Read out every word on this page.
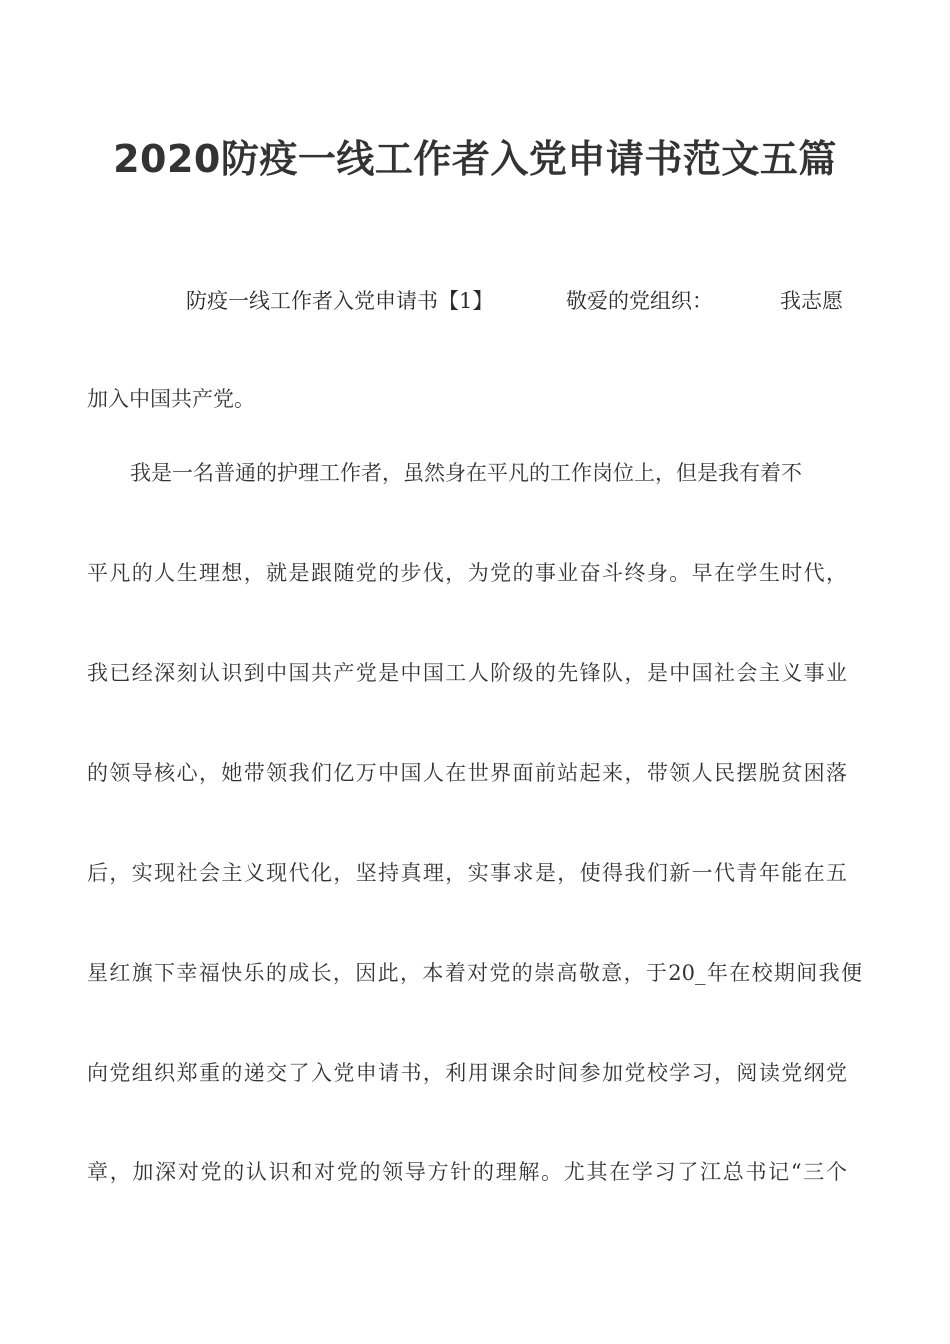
2020防疫一线工作者入党申请书范文五篇
防疫一线工作者入党申请书【1】	敬爱的党组织：	我志愿
加入中国共产党。
我是一名普通的护理工作者，虽然身在平凡的工作岗位上，但是我有着不
平凡的人生理想，就是跟随党的步伐，为党的事业奋斗终身。早在学生时代，
我已经深刻认识到中国共产党是中国工人阶级的先锋队，是中国社会主义事业
的领导核心，她带领我们亿万中国人在世界面前站起来，带领人民摆脱贫困落
后，实现社会主义现代化，坚持真理，实事求是，使得我们新一代青年能在五
星红旗下幸福快乐的成长，因此，本着对党的崇高敬意，于20_年在校期间我便
向党组织郑重的递交了入党申请书，利用课余时间参加党校学习，阅读党纲党
章，加深对党的认识和对党的领导方针的理解。尤其在学习了江总书记“三个
